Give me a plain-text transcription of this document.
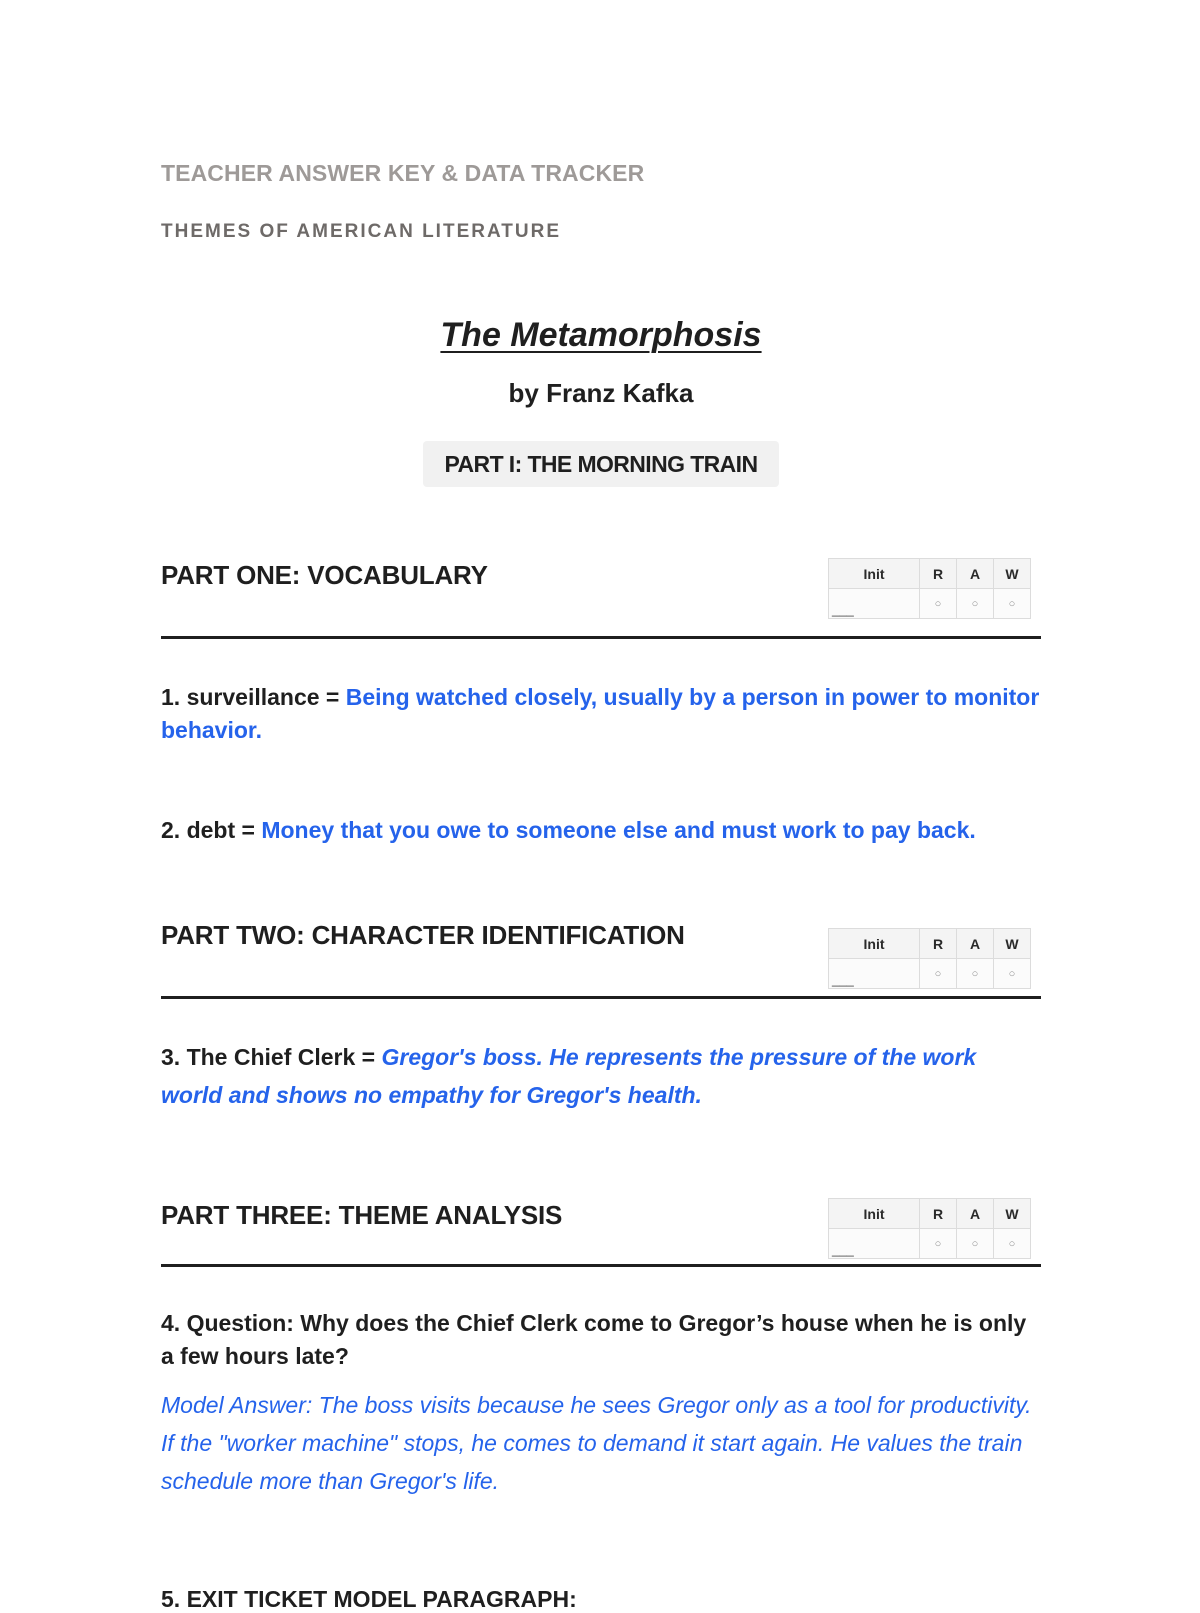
TEACHER ANSWER KEY & DATA TRACKER
THEMES OF AMERICAN LITERATURE
The Metamorphosis
by Franz Kafka
PART I: THE MORNING TRAIN
PART ONE: VOCABULARY	Init	R	A	W
___	○	○	○
1. surveillance = Being watched closely, usually by a person in power to monitor behavior.
2. debt = Money that you owe to someone else and must work to pay back.
PART TWO: CHARACTER IDENTIFICATION	Init	R	A	W
___	○	○	○
3. The Chief Clerk = Gregor's boss. He represents the pressure of the work world and shows no empathy for Gregor's health.
PART THREE: THEME ANALYSIS	Init	R	A	W
___	○	○	○
4. Question: Why does the Chief Clerk come to Gregor’s house when he is only a few hours late?
Model Answer: The boss visits because he sees Gregor only as a tool for productivity. If the "worker machine" stops, he comes to demand it start again. He values the train schedule more than Gregor's life.
5. EXIT TICKET MODEL PARAGRAPH:
